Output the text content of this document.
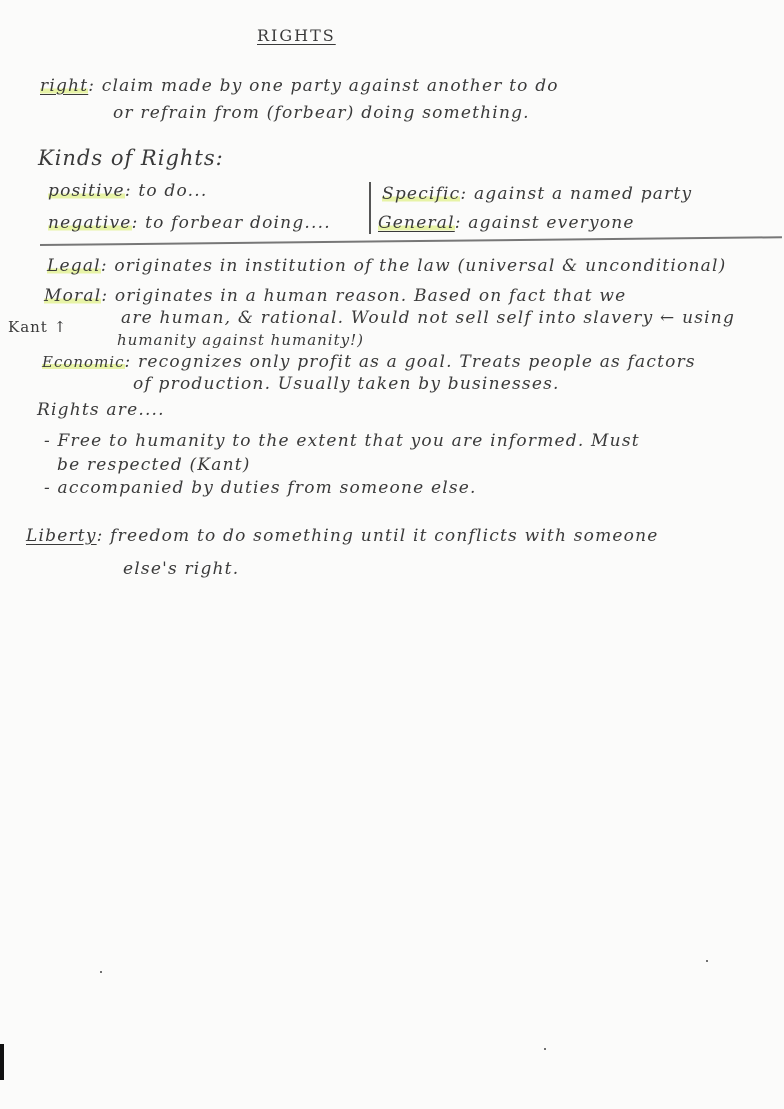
RIGHTS
right: claim made by one party against another to do
or refrain from (forbear) doing something.
Kinds of Rights:
positive: to do...
negative: to forbear doing....
Specific: against a named party
General: against everyone
Legal: originates in institution of the law (universal & unconditional)
Moral: originates in a human reason. Based on fact that we
Kant ↑	are human, & rational. Would not sell self into slavery ← using
humanity against humanity!)
Economic: recognizes only profit as a goal. Treats people as factors
of production. Usually taken by businesses.
Rights are....
- Free to humanity to the extent that you are informed. Must
be respected (Kant)
- accompanied by duties from someone else.
Liberty: freedom to do something until it conflicts with someone
else's right.
